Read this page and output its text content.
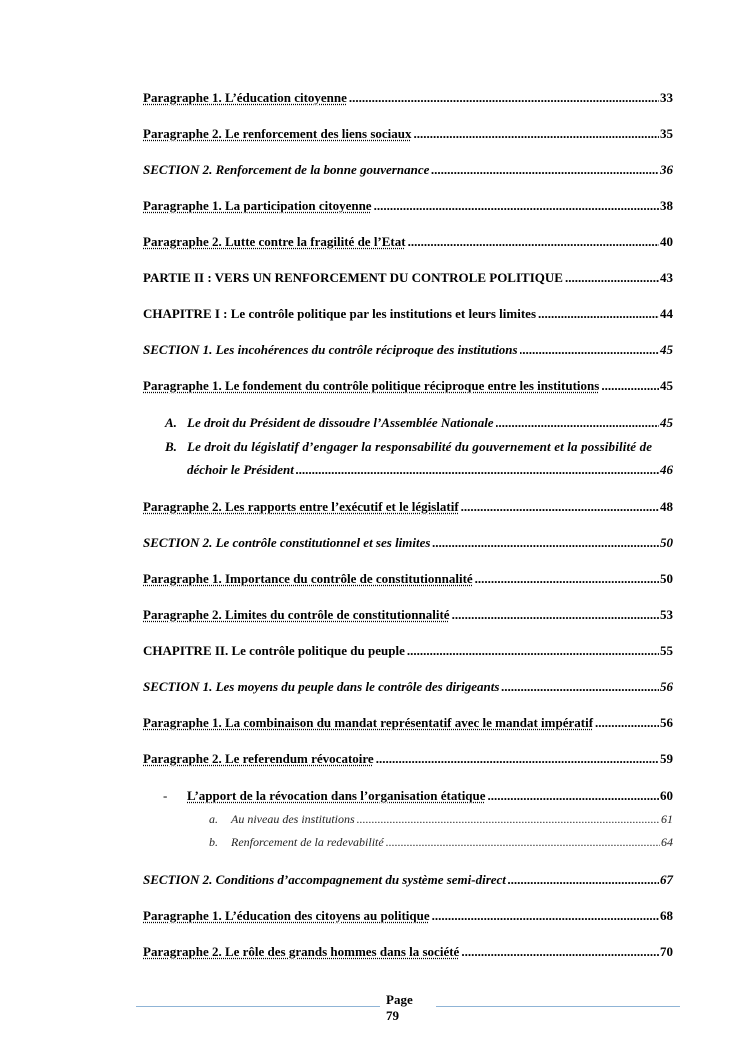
Paragraphe 1. L’éducation citoyenne .....	33
Paragraphe 2. Le renforcement des liens sociaux .....	35
SECTION 2. Renforcement de la bonne gouvernance .....	36
Paragraphe 1. La participation citoyenne .....	38
Paragraphe 2. Lutte contre la fragilité de l’Etat .....	40
PARTIE II : VERS UN RENFORCEMENT DU CONTROLE POLITIQUE .....	43
CHAPITRE I : Le contrôle politique par les institutions et leurs limites .....	44
SECTION 1. Les incohérences du contrôle réciproque des institutions .....	45
Paragraphe 1. Le fondement du contrôle politique réciproque entre les institutions .....	45
A. Le droit du Président de dissoudre l’Assemblée Nationale .....	45
B. Le droit du législatif d’engager la responsabilité du gouvernement et la possibilité de
déchoir le Président .....	46
Paragraphe 2. Les rapports entre l’exécutif et le législatif .....	48
SECTION 2. Le contrôle constitutionnel et ses limites .....	50
Paragraphe 1. Importance du contrôle de constitutionnalité .....	50
Paragraphe 2. Limites du contrôle de constitutionnalité .....	53
CHAPITRE II. Le contrôle politique du peuple .....	55
SECTION 1. Les moyens du peuple dans le contrôle des dirigeants .....	56
Paragraphe 1. La combinaison du mandat représentatif avec le mandat impératif .....	56
Paragraphe 2. Le referendum révocatoire .....	59
- L’apport de la révocation dans l’organisation étatique .....	60
a. Au niveau des institutions .....	61
b. Renforcement de la redevabilité .....	64
SECTION 2. Conditions d’accompagnement du système semi-direct .....	67
Paragraphe 1. L’éducation des citoyens au politique .....	68
Paragraphe 2. Le rôle des grands hommes dans la société .....	70
Page
79
